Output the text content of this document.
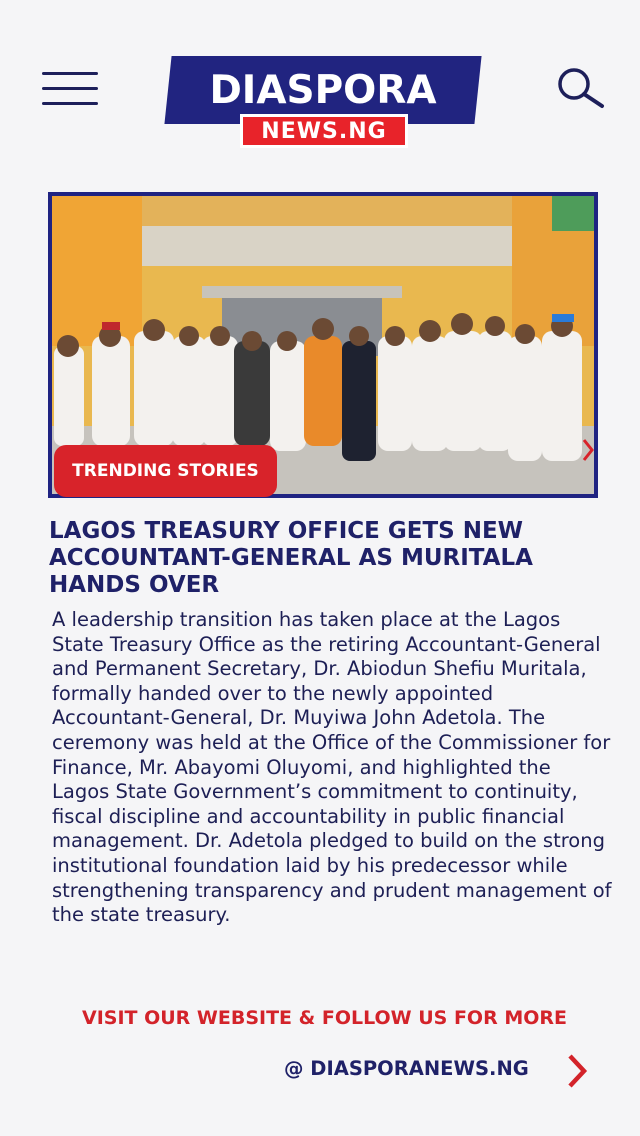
DIASPORA
NEWS.NG
TRENDING STORIES
LAGOS TREASURY OFFICE GETS NEW ACCOUNTANT-GENERAL AS MURITALA HANDS OVER

A leadership transition has taken place at the Lagos State Treasury Office as the retiring Accountant-General and Permanent Secretary, Dr. Abiodun Shefiu Muritala, formally handed over to the newly appointed Accountant-General, Dr. Muyiwa John Adetola. The ceremony was held at the Office of the Commissioner for Finance, Mr. Abayomi Oluyomi, and highlighted the Lagos State Government’s commitment to continuity, fiscal discipline and accountability in public financial management. Dr. Adetola pledged to build on the strong institutional foundation laid by his predecessor while strengthening transparency and prudent management of the state treasury.

VISIT OUR WEBSITE & FOLLOW US FOR MORE
@ DIASPORANEWS.NG
